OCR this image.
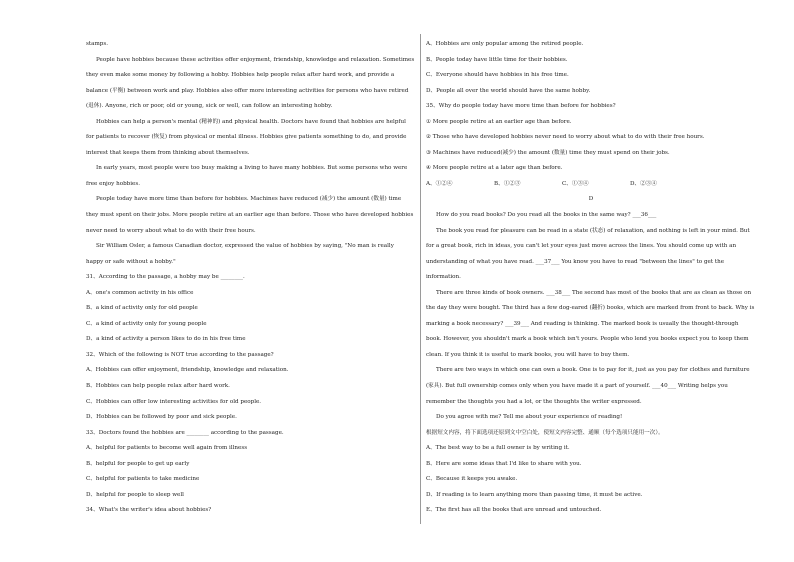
stamps.
People have hobbies because these activities offer enjoyment, friendship, knowledge and relaxation. Sometimes
they even make some money by following a hobby. Hobbies help people relax after hard work, and provide a
balance (平衡) between work and play. Hobbies also offer more interesting activities for persons who have retired
(退休). Anyone, rich or poor, old or young, sick or well, can follow an interesting hobby.
Hobbies can help a person's mental (精神的) and physical health. Doctors have found that hobbies are helpful
for patients to recover (恢复) from physical or mental illness. Hobbies give patients something to do, and provide
interest that keeps them from thinking about themselves.
In early years, most people were too busy making a living to have many hobbies. But some persons who were
free enjoy hobbies.
People today have more time than before for hobbies. Machines have reduced (减少) the amount (数量) time
they must spent on their jobs. More people retire at an earlier age than before. Those who have developed hobbies
never need to worry about what to do with their free hours.
Sir William Osler, a famous Canadian doctor, expressed the value of hobbies by saying, "No man is really
happy or safe without a hobby."
31、According to the passage, a hobby may be ________.
A、one's common activity in his office
B、a kind of activity only for old people
C、a kind of activity only for young people
D、a kind of activity a person likes to do in his free time
32、Which of the following is NOT true according to the passage?
A、Hobbies can offer enjoyment, friendship, knowledge and relaxation.
B、Hobbies can help people relax after hard work.
C、Hobbies can offer low interesting activities for old people.
D、Hobbies can be followed by poor and sick people.
33、Doctors found the hobbies are ________ according to the passage.
A、helpful for patients to become well again from illness
B、helpful for people to get up early
C、helpful for patients to take medicine
D、helpful for people to sleep well
34、What's the writer's idea about hobbies?
A、Hobbies are only popular among the retired people.
B、People today have little time for their hobbies.
C、Everyone should have hobbies in his free time.
D、People all over the world should have the same hobby.
35、Why do people today have more time than before for hobbies?
① More people retire at an earlier age than before.
② Those who have developed hobbies never need to worry about what to do with their free hours.
③ Machines have reduced(减少) the amount (数量) time they must spend on their jobs.
④ More people retire at a later age than before.
A、①②④	B、①②③	C、①③④	D、②③④
D
How do you read books? Do you read all the books in the same way? ___36___
The book you read for pleasure can be read in a state (状态) of relaxation, and nothing is left in your mind. But
for a great book, rich in ideas, you can't let your eyes just move across the lines. You should come up with an
understanding of what you have read. ___37___ You know you have to read "between the lines" to get the
information.
There are three kinds of book owners. ___38___ The second has most of the books that are as clean as those on
the day they were bought. The third has a few dog-eared (翻折) books, which are marked from front to back. Why is
marking a book necessary? ___39___ And reading is thinking. The marked book is usually the thought-through
book. However, you shouldn't mark a book which isn't yours. People who lend you books expect you to keep them
clean. If you think it is useful to mark books, you will have to buy them.
There are two ways in which one can own a book. One is to pay for it, just as you pay for clothes and furniture
(家具). But full ownership comes only when you have made it a part of yourself. ___40___ Writing helps you
remember the thoughts you had a lot, or the thoughts the writer expressed.
Do you agree with me? Tell me about your experience of reading!
根据短文内容，将下面选项还原到文中空白处，使短文内容完整、通顺（每个选项只能用一次）。
A、The best way to be a full owner is by writing it.
B、Here are some ideas that I'd like to share with you.
C、Because it keeps you awake.
D、If reading is to learn anything more than passing time, it must be active.
E、The first has all the books that are unread and untouched.
